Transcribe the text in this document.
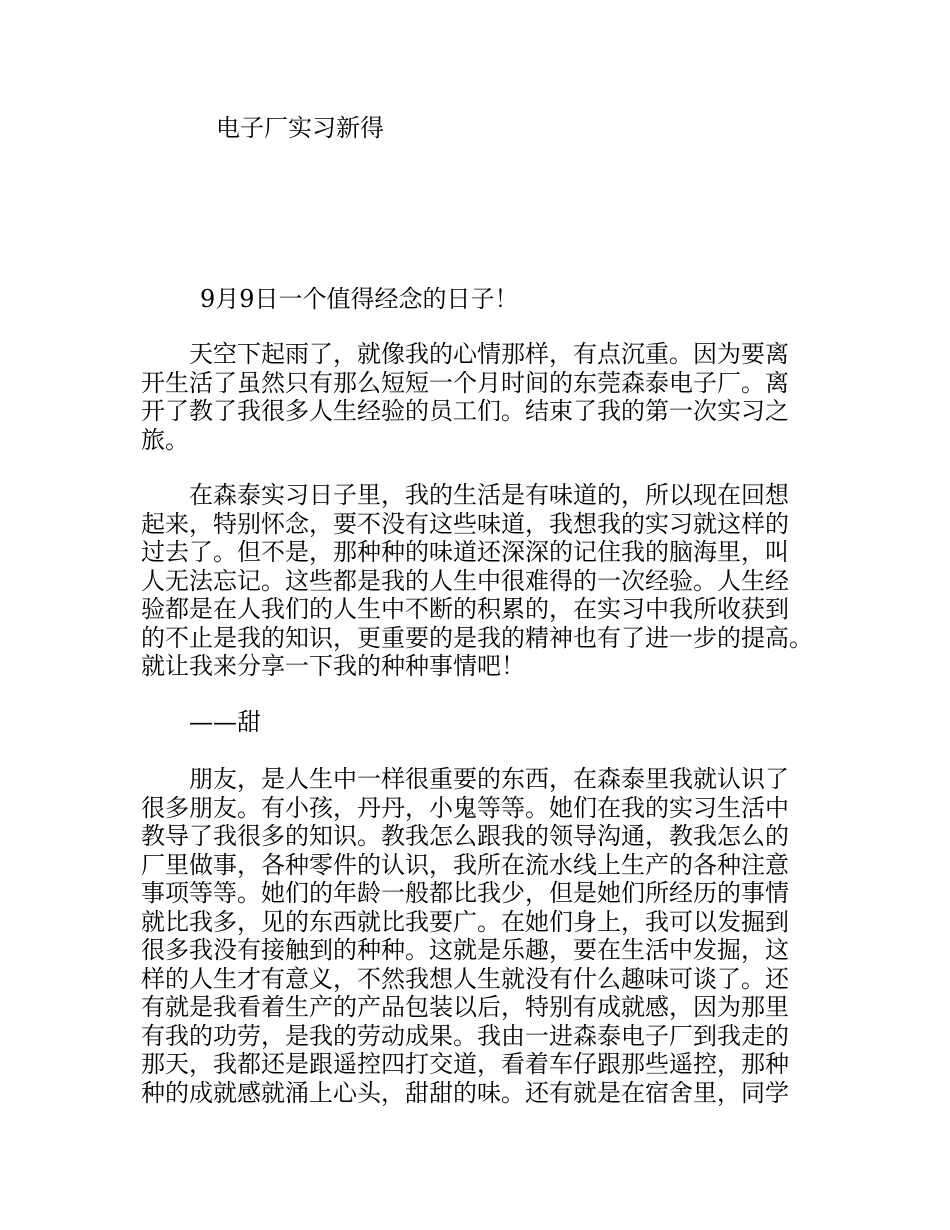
电子厂实习新得
9月9日一个值得经念的日子！
天空下起雨了，就像我的心情那样，有点沉重。因为要离
开生活了虽然只有那么短短一个月时间的东莞森泰电子厂。离
开了教了我很多人生经验的员工们。结束了我的第一次实习之
旅。
在森泰实习日子里，我的生活是有味道的，所以现在回想
起来，特别怀念，要不没有这些味道，我想我的实习就这样的
过去了。但不是，那种种的味道还深深的记住我的脑海里，叫
人无法忘记。这些都是我的人生中很难得的一次经验。人生经
验都是在人我们的人生中不断的积累的，在实习中我所收获到
的不止是我的知识，更重要的是我的精神也有了进一步的提高。
就让我来分享一下我的种种事情吧！
——甜
朋友，是人生中一样很重要的东西，在森泰里我就认识了
很多朋友。有小孩，丹丹，小鬼等等。她们在我的实习生活中
教导了我很多的知识。教我怎么跟我的领导沟通，教我怎么的
厂里做事，各种零件的认识，我所在流水线上生产的各种注意
事项等等。她们的年龄一般都比我少，但是她们所经历的事情
就比我多，见的东西就比我要广。在她们身上，我可以发掘到
很多我没有接触到的种种。这就是乐趣，要在生活中发掘，这
样的人生才有意义，不然我想人生就没有什么趣味可谈了。还
有就是我看着生产的产品包装以后，特别有成就感，因为那里
有我的功劳，是我的劳动成果。我由一进森泰电子厂到我走的
那天，我都还是跟遥控四打交道，看着车仔跟那些遥控，那种
种的成就感就涌上心头，甜甜的味。还有就是在宿舍里，同学
